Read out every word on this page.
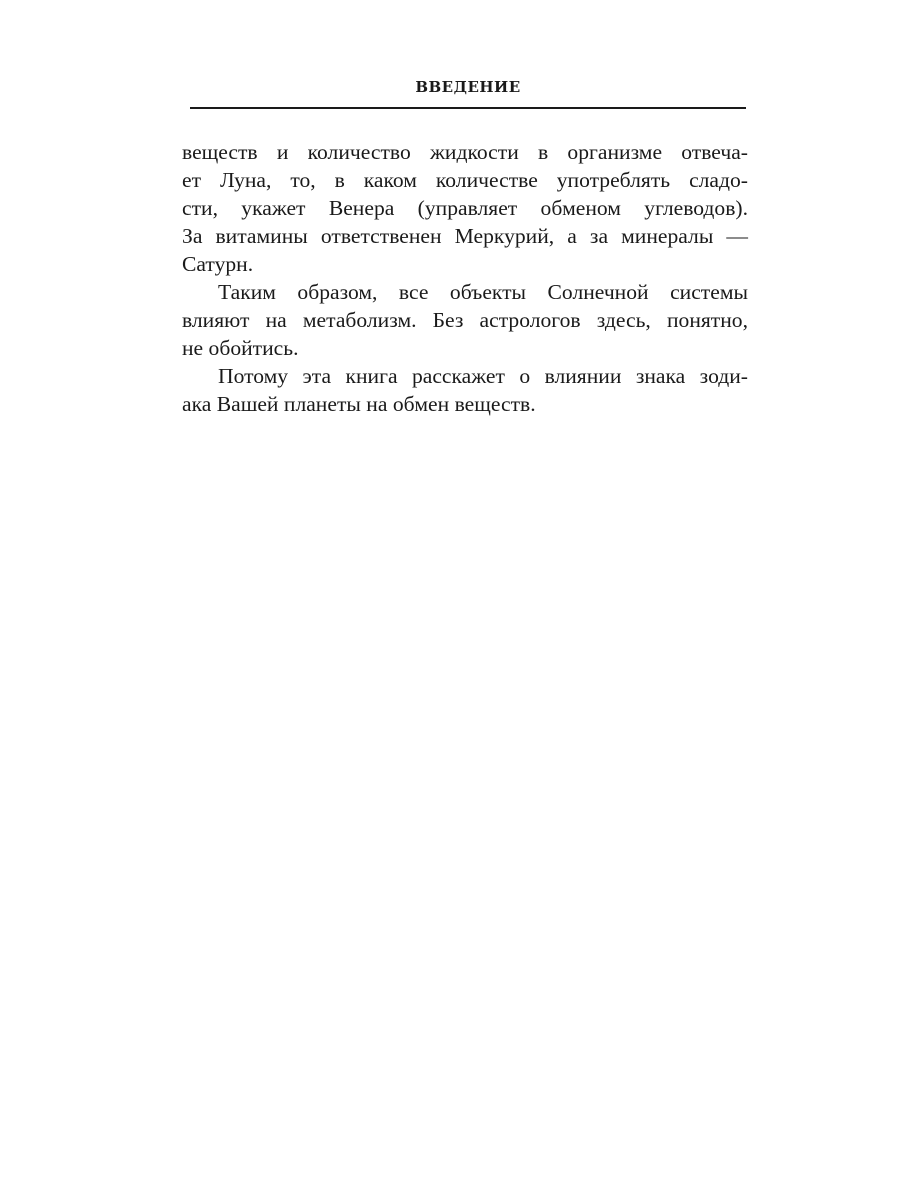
ВВЕДЕНИЕ
веществ и количество жидкости в организме отвеча-
ет Луна, то, в каком количестве употреблять сладо-
сти, укажет Венера (управляет обменом углеводов).
За витамины ответственен Меркурий, а за минералы —
Сатурн.
Таким образом, все объекты Солнечной системы
влияют на метаболизм. Без астрологов здесь, понятно,
не обойтись.
Потому эта книга расскажет о влиянии знака зоди-
ака Вашей планеты на обмен веществ.
